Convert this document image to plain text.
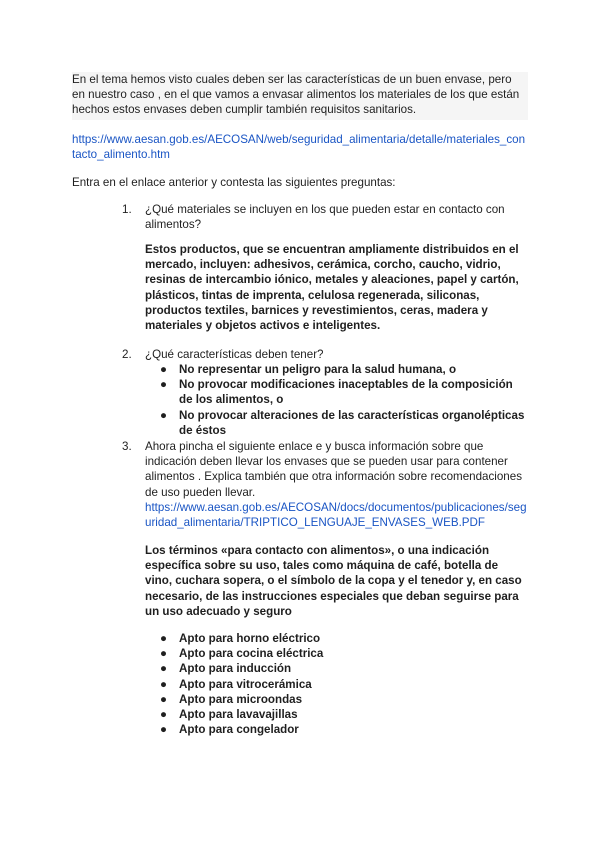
En el tema hemos visto cuales deben ser las características de un buen envase, pero
en nuestro caso , en el que vamos a envasar alimentos los materiales de los que están
hechos estos envases deben cumplir también requisitos sanitarios.
https://www.aesan.gob.es/AECOSAN/web/seguridad_alimentaria/detalle/materiales_con
tacto_alimento.htm
Entra en el enlace anterior y contesta las siguientes preguntas:
1.	¿Qué materiales se incluyen en los que pueden estar en contacto con
alimentos?
Estos productos, que se encuentran ampliamente distribuidos en el
mercado, incluyen: adhesivos, cerámica, corcho, caucho, vidrio,
resinas de intercambio iónico, metales y aleaciones, papel y cartón,
plásticos, tintas de imprenta, celulosa regenerada, siliconas,
productos textiles, barnices y revestimientos, ceras, madera y
materiales y objetos activos e inteligentes.
2.	¿Qué características deben tener?
● No representar un peligro para la salud humana, o
● No provocar modificaciones inaceptables de la composición
de los alimentos, o
● No provocar alteraciones de las características organolépticas
de éstos
3.	Ahora pincha el siguiente enlace e y busca información sobre que
indicación deben llevar los envases que se pueden usar para contener
alimentos . Explica también que otra información sobre recomendaciones
de uso pueden llevar.
https://www.aesan.gob.es/AECOSAN/docs/documentos/publicaciones/seg
uridad_alimentaria/TRIPTICO_LENGUAJE_ENVASES_WEB.PDF
Los términos «para contacto con alimentos», o una indicación
específica sobre su uso, tales como máquina de café, botella de
vino, cuchara sopera, o el símbolo de la copa y el tenedor y, en caso
necesario, de las instrucciones especiales que deban seguirse para
un uso adecuado y seguro
● Apto para horno eléctrico
● Apto para cocina eléctrica
● Apto para inducción
● Apto para vitrocerámica
● Apto para microondas
● Apto para lavavajillas
● Apto para congelador
